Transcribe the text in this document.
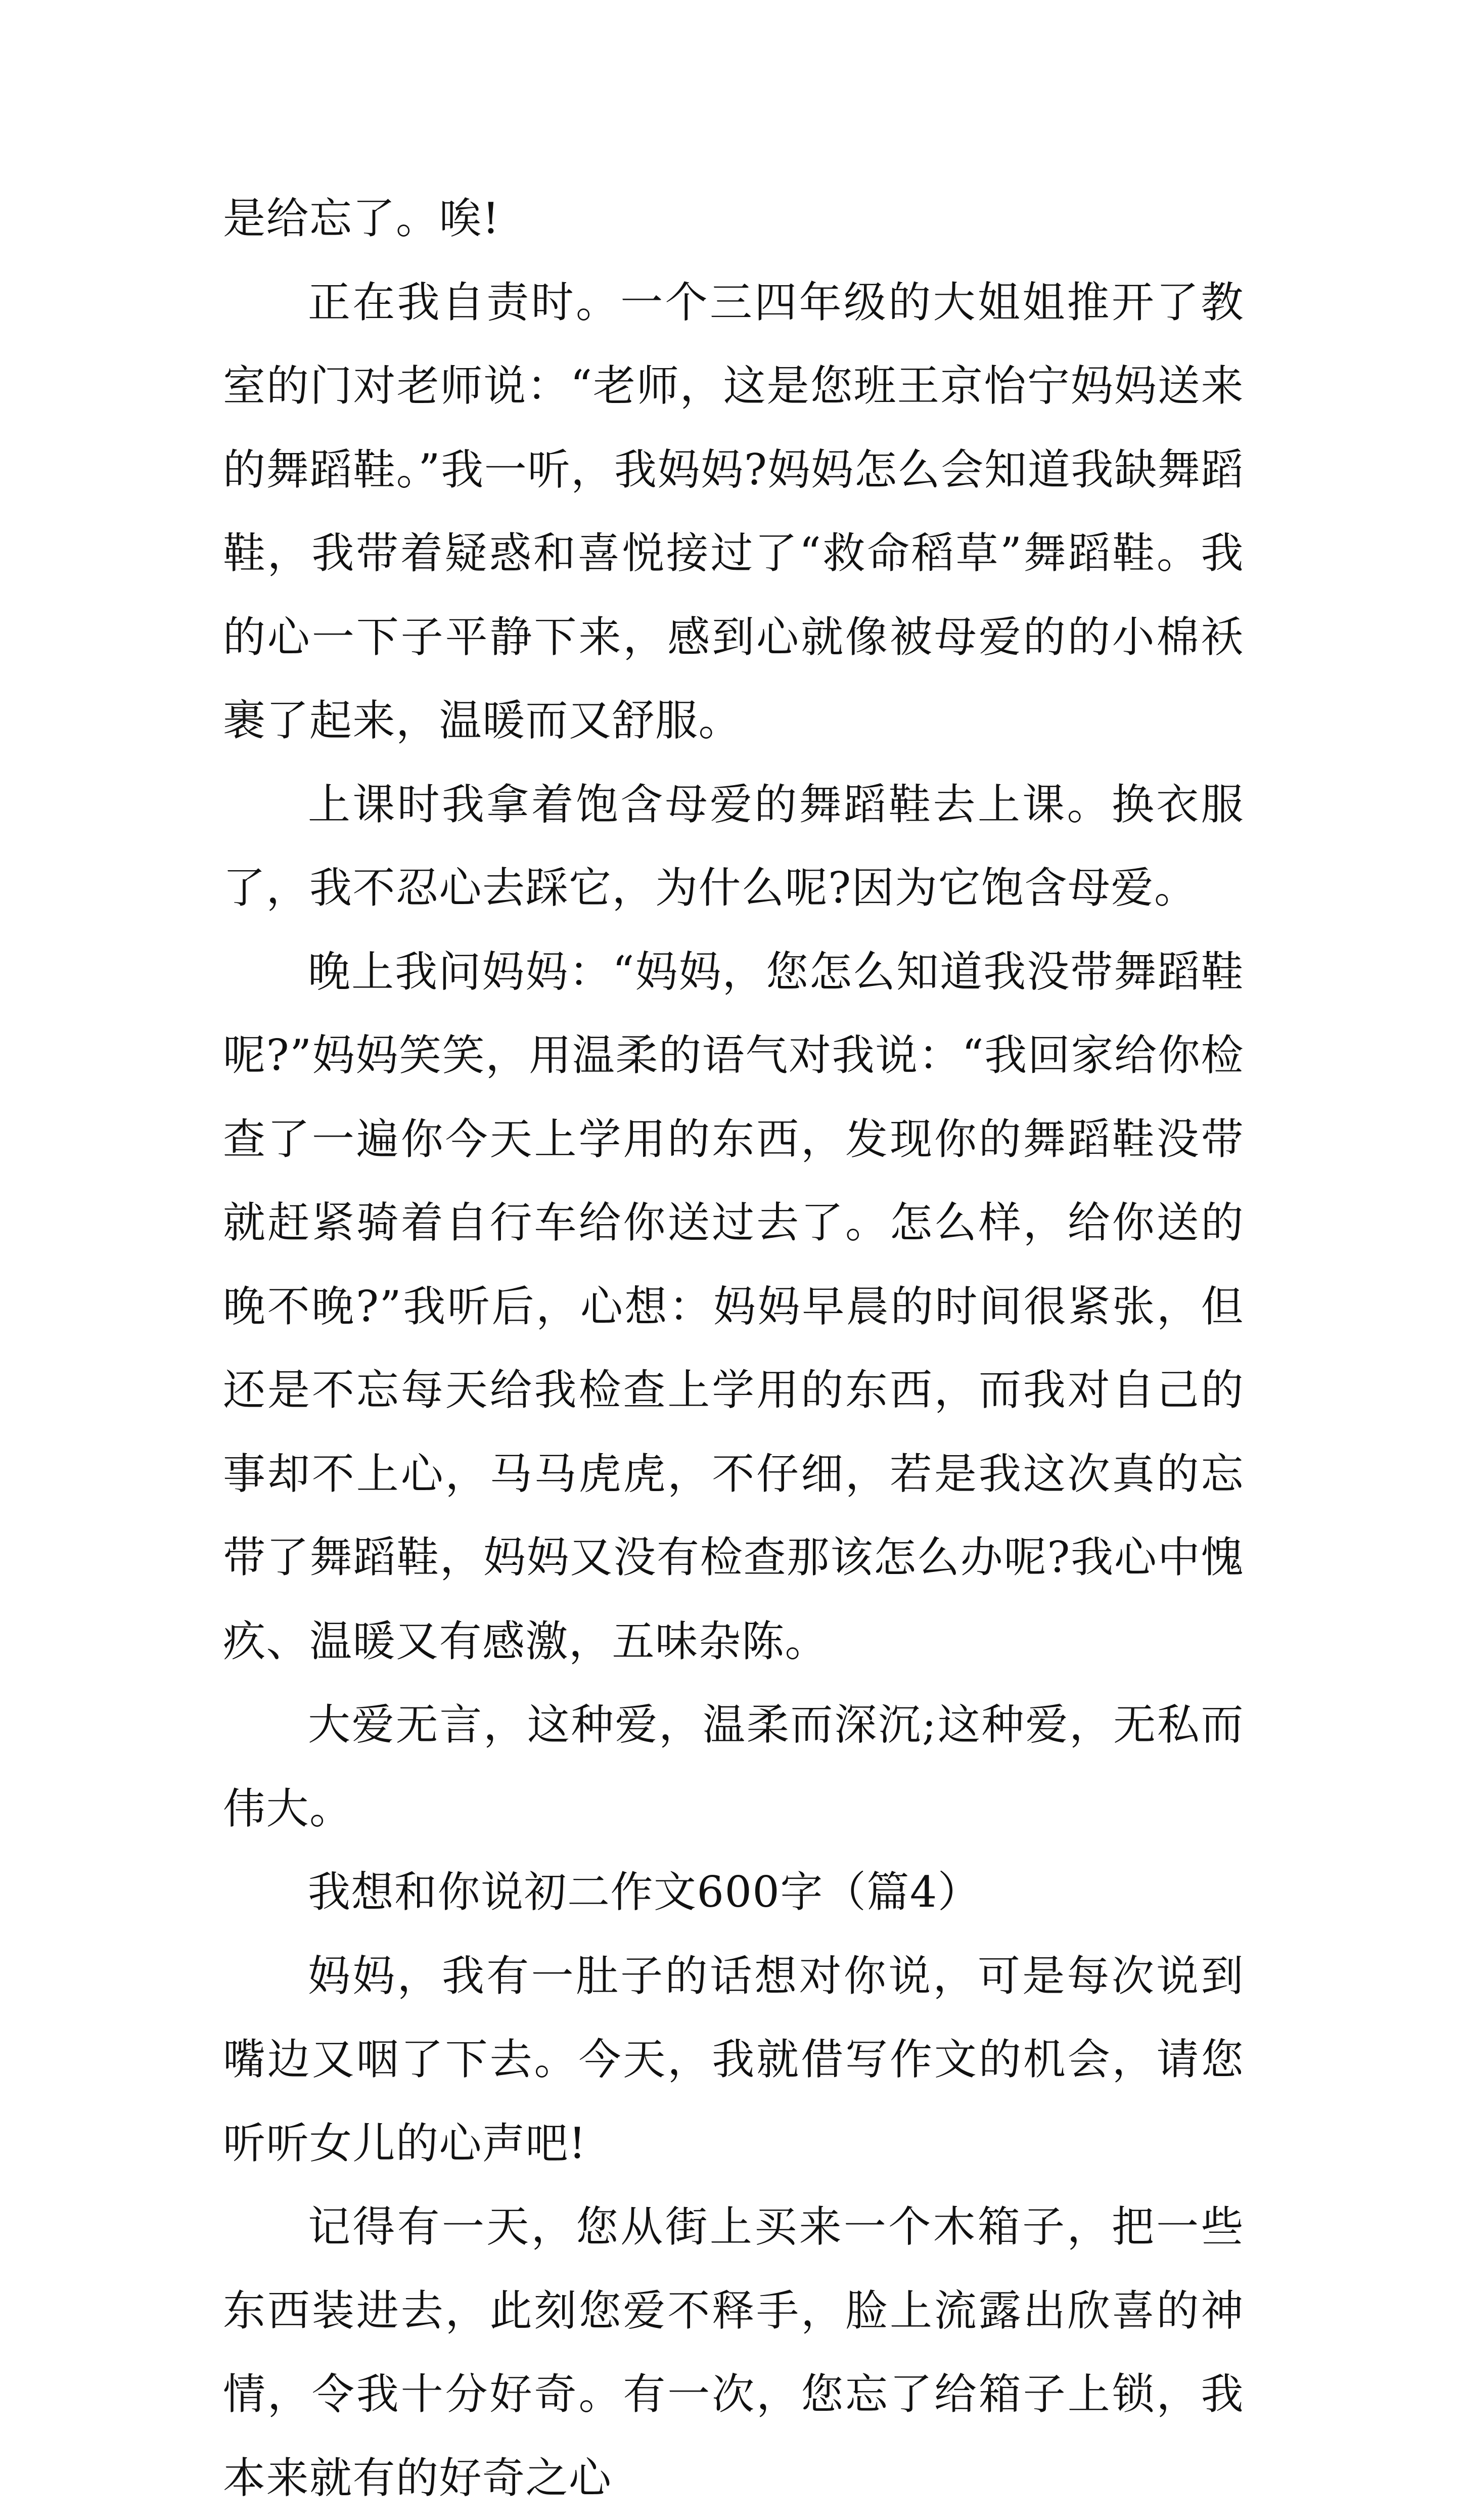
是给忘了。唉!

正在我自责时。一个三四年级的大姐姐推开了教室的门对老师说：“老师，这是您班王京怡宁妈妈送来的舞蹈鞋。”我一听，我妈妈?妈妈怎么会知道我缺舞蹈鞋，我带着疑惑和喜悦接过了“救命稻草”舞蹈鞋。我的心一下子平静下来，感到心就像被母爱的的小棉袄裹了起来，温暖而又舒服。

上课时我拿着饱含母爱的舞蹈鞋去上课。换衣服了，我不忍心去踩它，为什么呢?因为它饱含母爱。

晚上我问妈妈：“妈妈，您怎么知道我没带舞蹈鞋呢?”妈妈笑笑，用温柔的语气对我说：“我回家给你检查了一遍你今天上学用的东西，发现你的舞蹈鞋没带就赶紧骑着自行车给你送过去了。怎么样，给你送的晚不晚?”我听后，心想：妈妈早晨的时间很紧张，但还是不忘每天给我检查上学用的东西，而我对自己的事却不上心，马马虎虎，不仔细，若是我这次真的忘带了舞蹈鞋，妈妈又没有检查那该怎么办呢?我心中愧疚、温暖又有感激，五味杂陈。

大爱无言，这种爱，温柔而深沉;这种爱，无私而伟大。

我想和你说初二作文600字（篇4）

妈妈，我有一肚子的话想对你说，可是每次说到嘴边又咽了下去。今天，我就借写作文的机会，请您听听女儿的心声吧!

记得有一天，您从街上买来一个木箱子，把一些东西装进去，此刻您爱不释手，脸上流露出欣喜的神情，令我十分好奇。有一次，您忘了给箱子上锁，我本来就有的好奇之心
